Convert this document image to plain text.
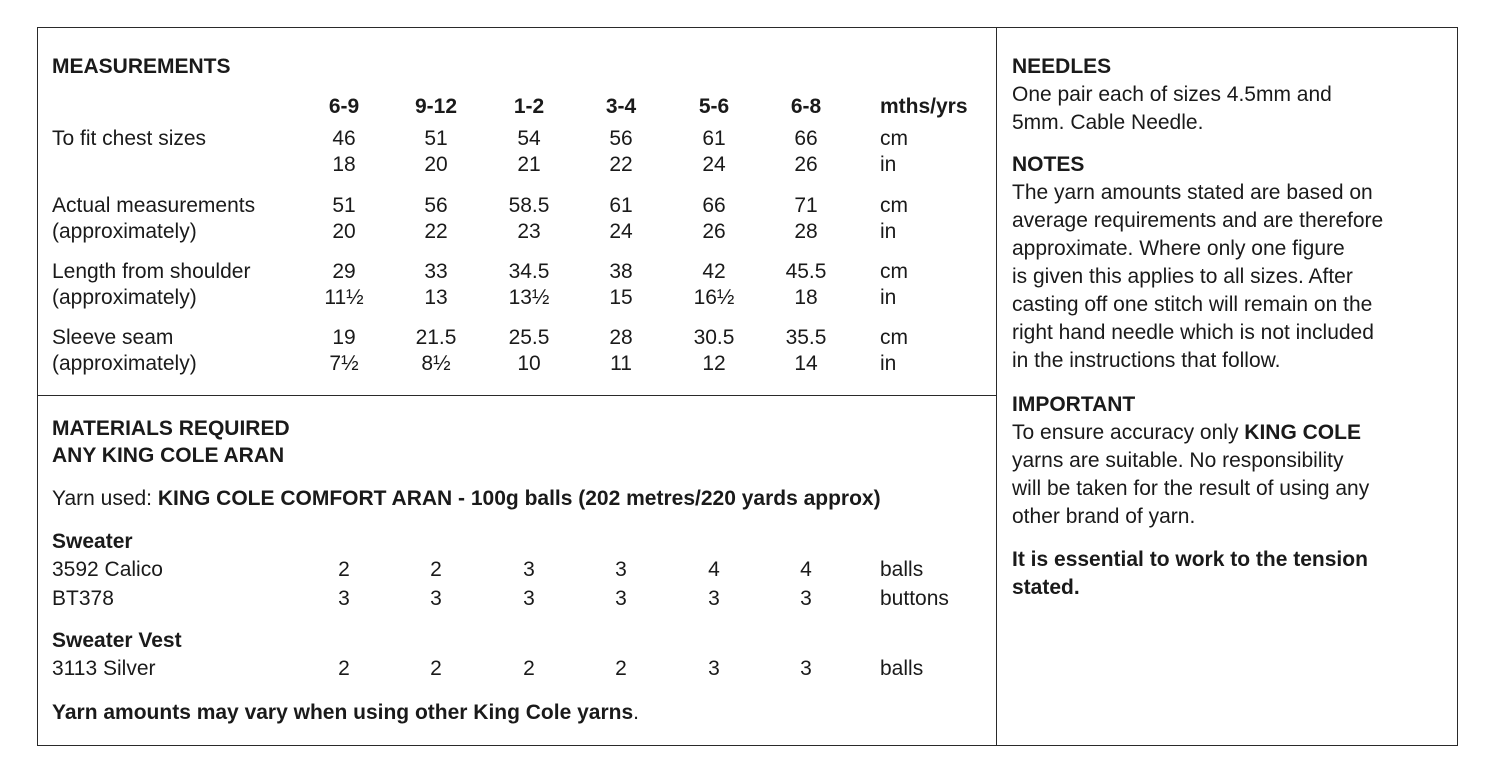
MEASUREMENTS
6-9	9-12	1-2	3-4	5-6	6-8	mths/yrs
To fit chest sizes	46	51	54	56	61	66	cm
18	20	21	22	24	26	in
Actual measurements	51	56	58.5	61	66	71	cm
(approximately)	20	22	23	24	26	28	in
Length from shoulder	29	33	34.5	38	42	45.5	cm
(approximately)	11½	13	13½	15	16½	18	in
Sleeve seam	19	21.5	25.5	28	30.5	35.5	cm
(approximately)	7½	8½	10	11	12	14	in
MATERIALS REQUIRED
ANY KING COLE ARAN
Yarn used: KING COLE COMFORT ARAN - 100g balls (202 metres/220 yards approx)
Sweater
3592 Calico	2	2	3	3	4	4	balls
BT378	3	3	3	3	3	3	buttons
Sweater Vest
3113 Silver	2	2	2	2	3	3	balls
Yarn amounts may vary when using other King Cole yarns.

NEEDLES

One pair each of sizes 4.5mm and

5mm. Cable Needle.

NOTES

The yarn amounts stated are based on

average requirements and are therefore

approximate. Where only one figure

is given this applies to all sizes. After

casting off one stitch will remain on the

right hand needle which is not included

in the instructions that follow.

IMPORTANT

To ensure accuracy only KING COLE

yarns are suitable. No responsibility

will be taken for the result of using any

other brand of yarn.

It is essential to work to the tension

stated.
